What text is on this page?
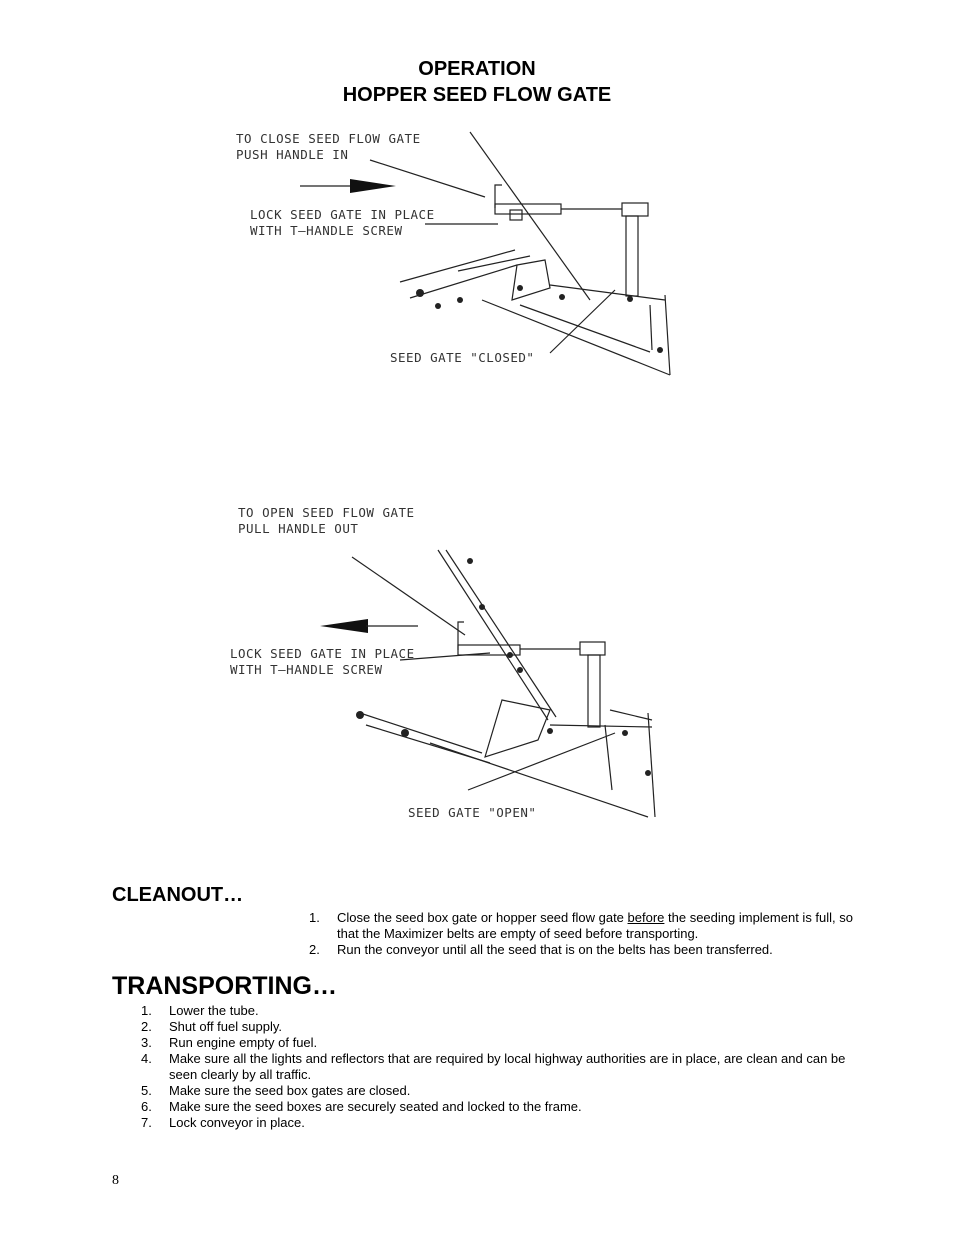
OPERATION
HOPPER SEED FLOW GATE
TO CLOSE SEED FLOW GATE
PUSH HANDLE IN
LOCK SEED GATE IN PLACE
WITH T—HANDLE SCREW
SEED GATE "CLOSED"
TO OPEN SEED FLOW GATE
PULL HANDLE OUT
LOCK SEED GATE IN PLACE
WITH T—HANDLE SCREW
SEED GATE "OPEN"
CLEANOUT…
1. Close the seed box gate or hopper seed flow gate before the seeding implement is full, so that the Maximizer belts are empty of seed before transporting.
2. Run the conveyor until all the seed that is on the belts has been transferred.
TRANSPORTING…
1. Lower the tube.
2. Shut off fuel supply.
3. Run engine empty of fuel.
4. Make sure all the lights and reflectors that are required by local highway authorities are in place, are clean and can be seen clearly by all traffic.
5. Make sure the seed box gates are closed.
6. Make sure the seed boxes are securely seated and locked to the frame.
7. Lock conveyor in place.
8
